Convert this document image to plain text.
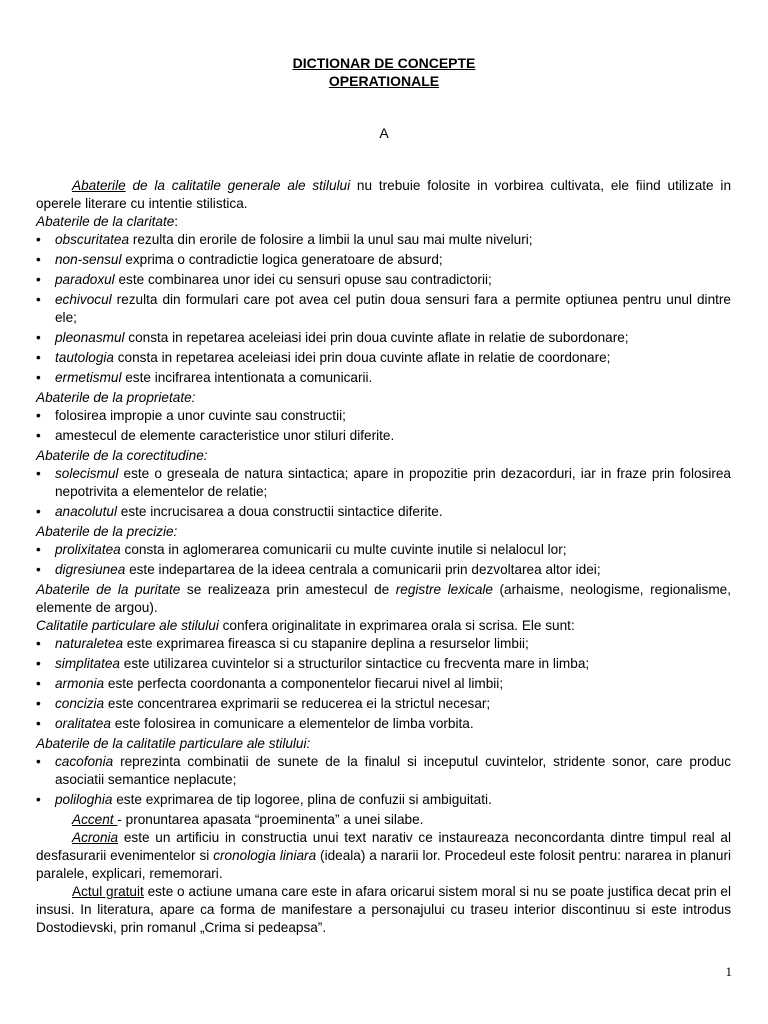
DICTIONAR DE CONCEPTE
OPERATIONALE
A

Abaterile de la calitatile generale ale stilului nu trebuie folosite in vorbirea cultivata, ele fiind utilizate in operele literare cu intentie stilistica.

Abaterile de la claritate:

• obscuritatea rezulta din erorile de folosire a limbii la unul sau mai multe niveluri;
• non-sensul exprima o contradictie logica generatoare de absurd;
• paradoxul este combinarea unor idei cu sensuri opuse sau contradictorii;
• echivocul rezulta din formulari care pot avea cel putin doua sensuri fara a permite optiunea pentru unul dintre ele;
• pleonasmul consta in repetarea aceleiasi idei prin doua cuvinte aflate in relatie de subordonare;
• tautologia consta in repetarea aceleiasi idei prin doua cuvinte aflate in relatie de coordonare;
• ermetismul este incifrarea intentionata a comunicarii.

Abaterile de la proprietate:

• folosirea impropie a unor cuvinte sau constructii;
• amestecul de elemente caracteristice unor stiluri diferite.

Abaterile de la corectitudine:

• solecismul este o greseala de natura sintactica; apare in propozitie prin dezacorduri, iar in fraze prin folosirea nepotrivita a elementelor de relatie;
• anacolutul este incrucisarea a doua constructii sintactice diferite.

Abaterile de la precizie:

• prolixitatea consta in aglomerarea comunicarii cu multe cuvinte inutile si nelalocul lor;
• digresiunea este indepartarea de la ideea centrala a comunicarii prin dezvoltarea altor idei;

Abaterile de la puritate se realizeaza prin amestecul de registre lexicale (arhaisme, neologisme, regionalisme, elemente de argou).

Calitatile particulare ale stilului confera originalitate in exprimarea orala si scrisa. Ele sunt:

• naturaletea este exprimarea fireasca si cu stapanire deplina a resurselor limbii;
• simplitatea este utilizarea cuvintelor si a structurilor sintactice cu frecventa mare in limba;
• armonia este perfecta coordonanta a componentelor fiecarui nivel al limbii;
• concizia este concentrarea exprimarii se reducerea ei la strictul necesar;
• oralitatea este folosirea in comunicare a elementelor de limba vorbita.

Abaterile de la calitatile particulare ale stilului:

• cacofonia reprezinta combinatii de sunete de la finalul si inceputul cuvintelor, stridente sonor, care produc asociatii semantice neplacute;
• poliloghia este exprimarea de tip logoree, plina de confuzii si ambiguitati.

Accent - pronuntarea apasata “proeminenta” a unei silabe.

Acronia este un artificiu in constructia unui text narativ ce instaureaza neconcordanta dintre timpul real al desfasurarii evenimentelor si cronologia liniara (ideala) a nararii lor. Procedeul este folosit pentru: nararea in planuri paralele, explicari, rememorari.

Actul gratuit este o actiune umana care este in afara oricarui sistem moral si nu se poate justifica decat prin el insusi. In literatura, apare ca forma de manifestare a personajului cu traseu interior discontinuu si este introdus Dostodievski, prin romanul „Crima si pedeapsa”.

1
